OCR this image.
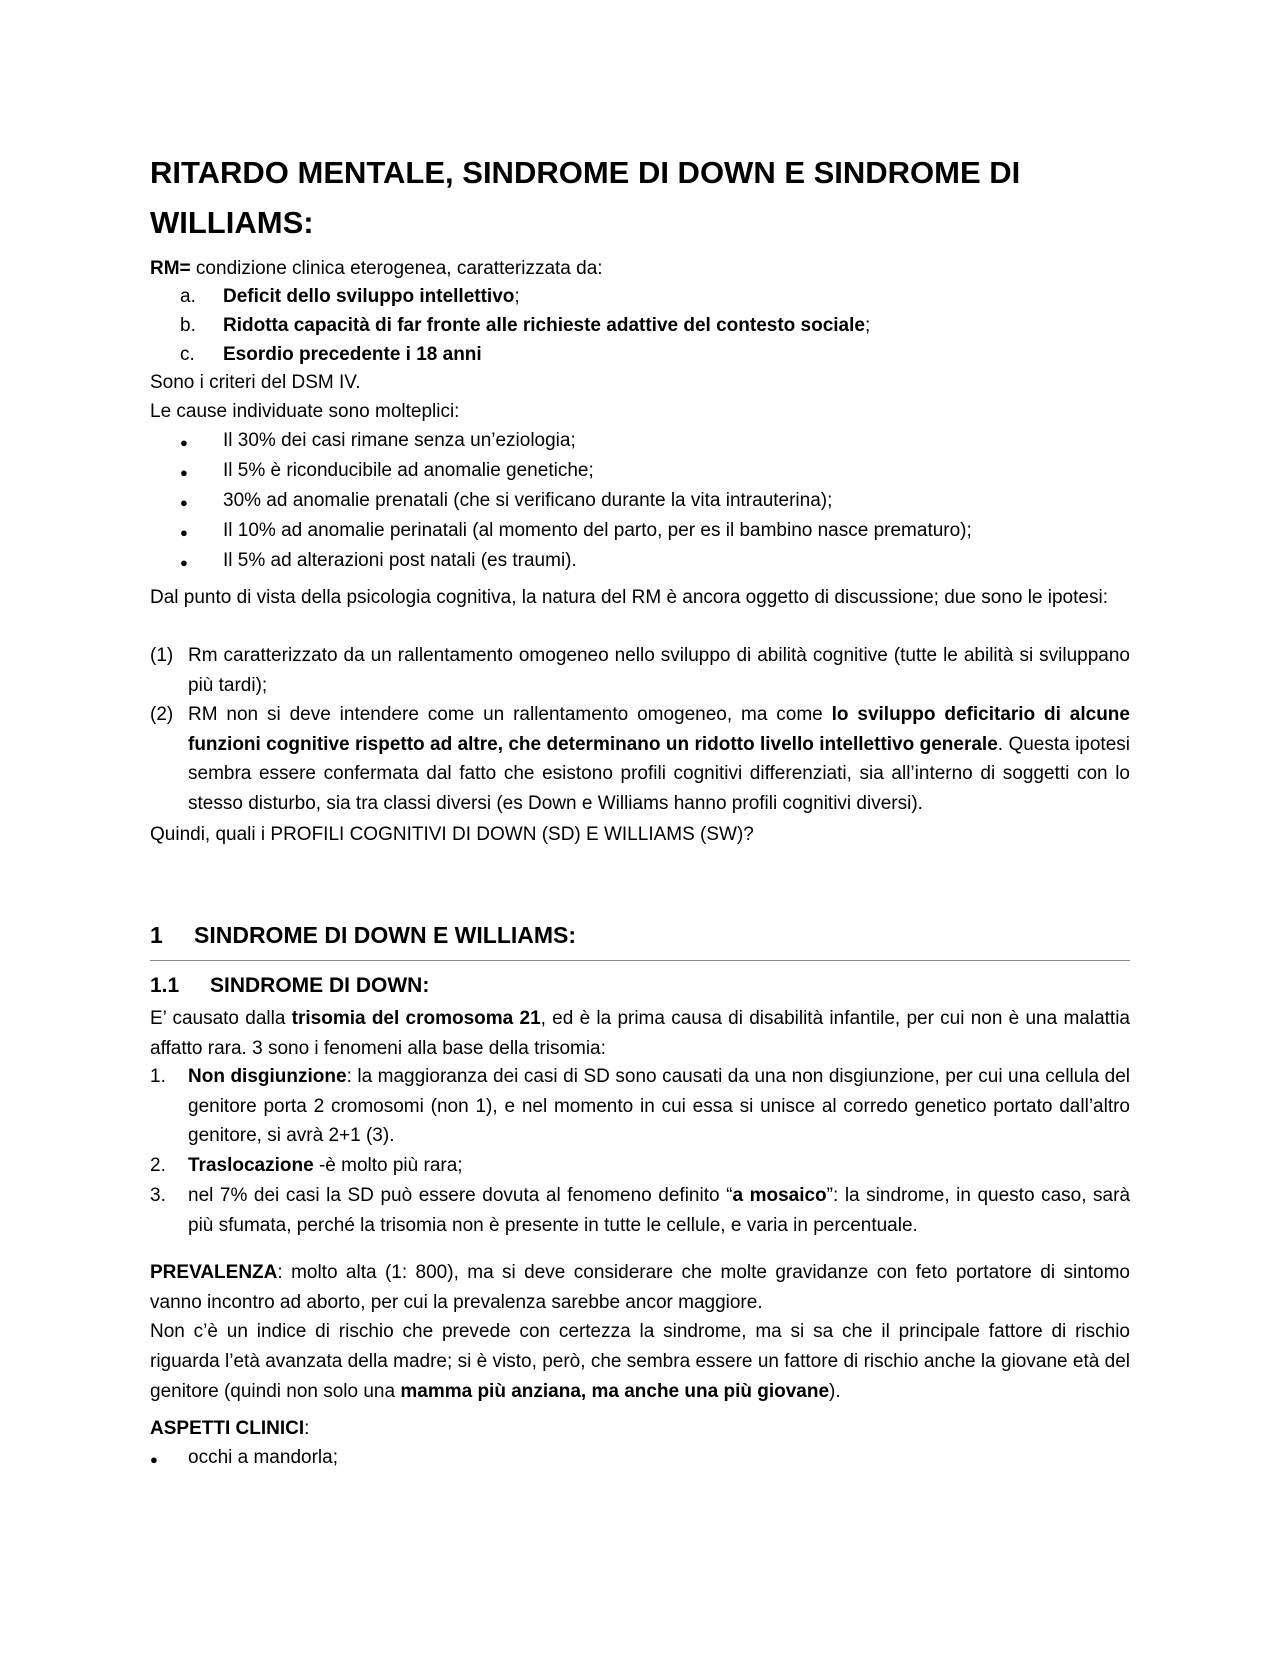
RITARDO MENTALE, SINDROME DI DOWN E SINDROME DI WILLIAMS:
RM= condizione clinica eterogenea, caratterizzata da:
a. Deficit dello sviluppo intellettivo;
b. Ridotta capacità di far fronte alle richieste adattive del contesto sociale;
c. Esordio precedente i 18 anni
Sono i criteri del DSM IV.
Le cause individuate sono molteplici:
● Il 30% dei casi rimane senza un’eziologia;
● Il 5% è riconducibile ad anomalie genetiche;
● 30% ad anomalie prenatali (che si verificano durante la vita intrauterina);
● Il 10% ad anomalie perinatali (al momento del parto, per es il bambino nasce prematuro);
● Il 5% ad alterazioni post natali (es traumi).

Dal punto di vista della psicologia cognitiva, la natura del RM è ancora oggetto di discussione; due sono le ipotesi:

(1) Rm caratterizzato da un rallentamento omogeneo nello sviluppo di abilità cognitive (tutte le abilità si sviluppano più tardi);

(2) RM non si deve intendere come un rallentamento omogeneo, ma come lo sviluppo deficitario di alcune funzioni cognitive rispetto ad altre, che determinano un ridotto livello intellettivo generale. Questa ipotesi sembra essere confermata dal fatto che esistono profili cognitivi differenziati, sia all’interno di soggetti con lo stesso disturbo, sia tra classi diversi (es Down e Williams hanno profili cognitivi diversi).

Quindi, quali i PROFILI COGNITIVI DI DOWN (SD) E WILLIAMS (SW)?
1 SINDROME DI DOWN E WILLIAMS:
1.1 SINDROME DI DOWN:

E’ causato dalla trisomia del cromosoma 21, ed è la prima causa di disabilità infantile, per cui non è una malattia affatto rara. 3 sono i fenomeni alla base della trisomia:

1. Non disgiunzione: la maggioranza dei casi di SD sono causati da una non disgiunzione, per cui una cellula del genitore porta 2 cromosomi (non 1), e nel momento in cui essa si unisce al corredo genetico portato dall’altro genitore, si avrà 2+1 (3).

2. Traslocazione -è molto più rara;

3. nel 7% dei casi la SD può essere dovuta al fenomeno definito “a mosaico”: la sindrome, in questo caso, sarà più sfumata, perché la trisomia non è presente in tutte le cellule, e varia in percentuale.

PREVALENZA: molto alta (1: 800), ma si deve considerare che molte gravidanze con feto portatore di sintomo vanno incontro ad aborto, per cui la prevalenza sarebbe ancor maggiore.

Non c’è un indice di rischio che prevede con certezza la sindrome, ma si sa che il principale fattore di rischio riguarda l’età avanzata della madre; si è visto, però, che sembra essere un fattore di rischio anche la giovane età del genitore (quindi non solo una mamma più anziana, ma anche una più giovane).

ASPETTI CLINICI:
● occhi a mandorla;
